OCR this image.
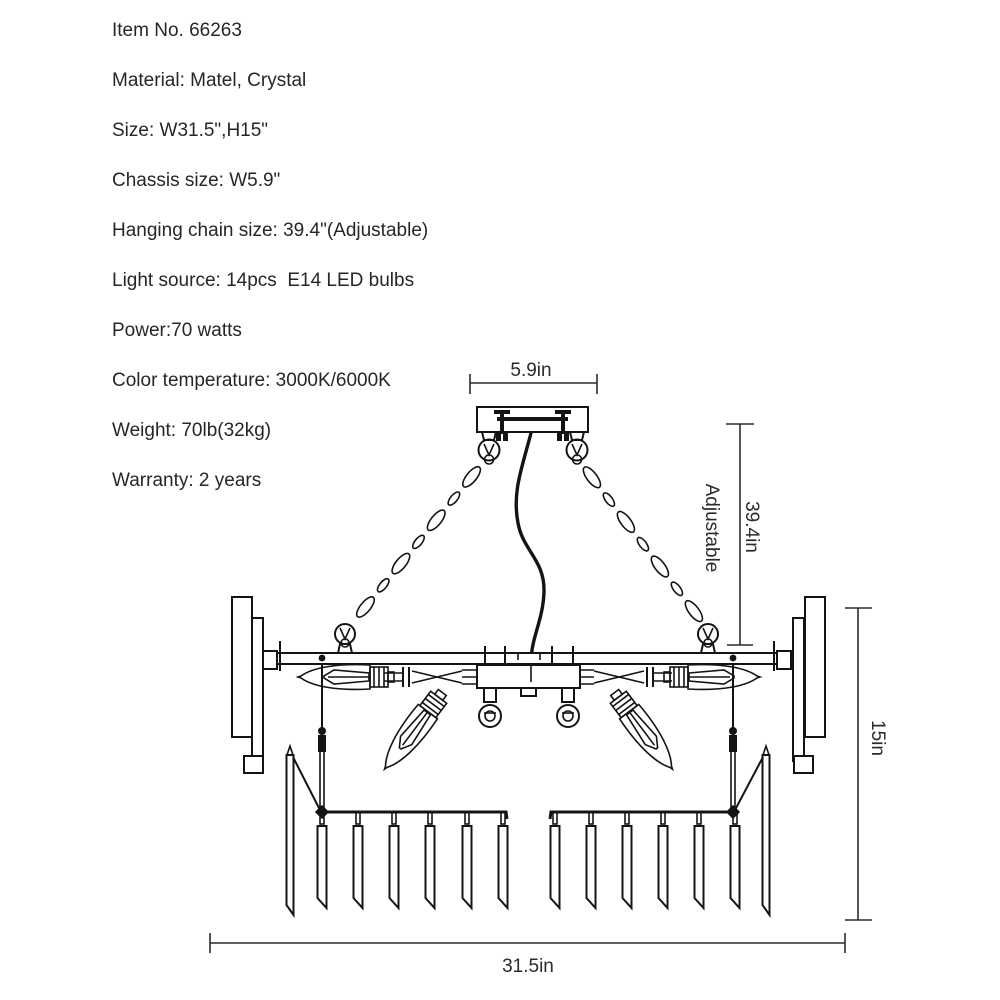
Item No. 66263
Material: Matel, Crystal
Size: W31.5",H15"
Chassis size: W5.9"
Hanging chain size: 39.4"(Adjustable)
Light source: 14pcs  E14 LED bulbs
Power:70 watts
Color temperature: 3000K/6000K
Weight: 70lb(32kg)
Warranty: 2 years
5.9in
Adjustable 39.4in
15in
31.5in
